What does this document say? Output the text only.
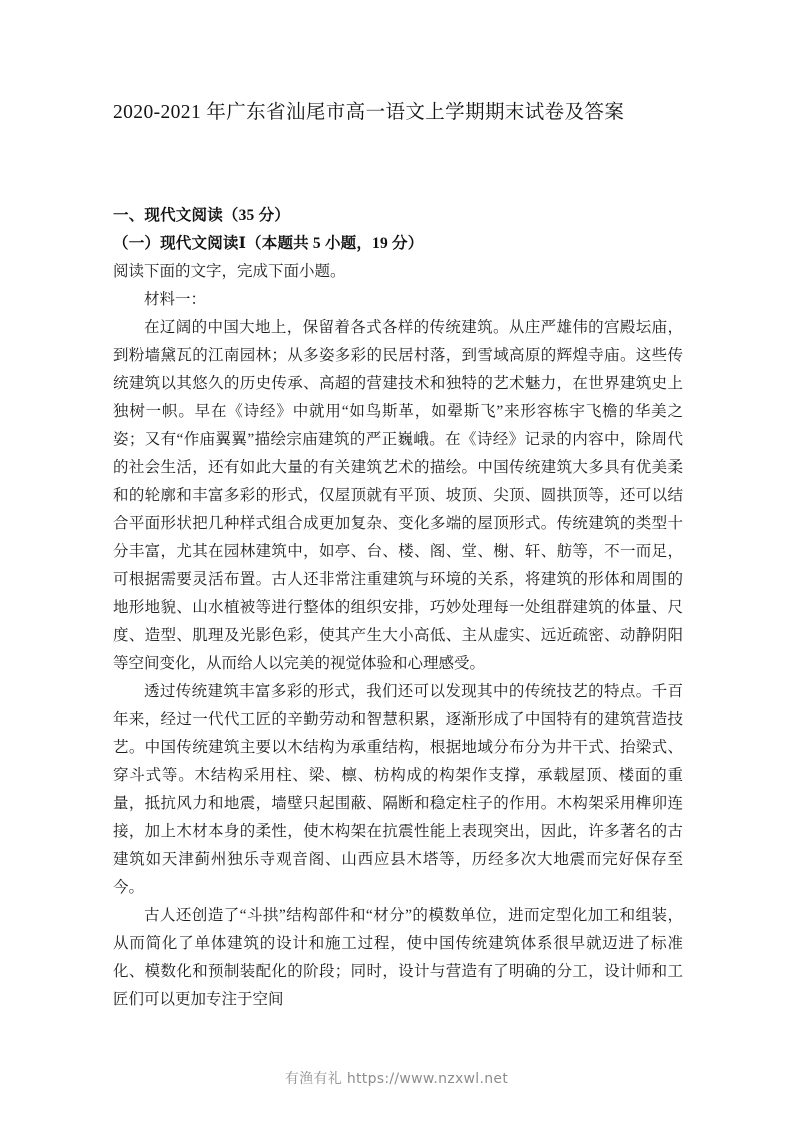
2020-2021 年广东省汕尾市高一语文上学期期末试卷及答案
一、现代文阅读（35 分）
（一）现代文阅读Ⅰ（本题共 5 小题，19 分）
阅读下面的文字，完成下面小题。
材料一：

在辽阔的中国大地上，保留着各式各样的传统建筑。从庄严雄伟的宫殿坛庙，到粉墙黛瓦的江南园林；从多姿多彩的民居村落，到雪域高原的辉煌寺庙。这些传统建筑以其悠久的历史传承、高超的营建技术和独特的艺术魅力，在世界建筑史上独树一帜。早在《诗经》中就用“如鸟斯革，如翚斯飞”来形容栋宇飞檐的华美之姿；又有“作庙翼翼”描绘宗庙建筑的严正巍峨。在《诗经》记录的内容中，除周代的社会生活，还有如此大量的有关建筑艺术的描绘。中国传统建筑大多具有优美柔和的轮廓和丰富多彩的形式，仅屋顶就有平顶、坡顶、尖顶、圆拱顶等，还可以结合平面形状把几种样式组合成更加复杂、变化多端的屋顶形式。传统建筑的类型十分丰富，尤其在园林建筑中，如亭、台、楼、阁、堂、榭、轩、舫等，不一而足，可根据需要灵活布置。古人还非常注重建筑与环境的关系，将建筑的形体和周围的地形地貌、山水植被等进行整体的组织安排，巧妙处理每一处组群建筑的体量、尺度、造型、肌理及光影色彩，使其产生大小高低、主从虚实、远近疏密、动静阴阳等空间变化，从而给人以完美的视觉体验和心理感受。

透过传统建筑丰富多彩的形式，我们还可以发现其中的传统技艺的特点。千百年来，经过一代代工匠的辛勤劳动和智慧积累，逐渐形成了中国特有的建筑营造技艺。中国传统建筑主要以木结构为承重结构，根据地域分布分为井干式、抬梁式、穿斗式等。木结构采用柱、梁、檩、枋构成的构架作支撑，承载屋顶、楼面的重量，抵抗风力和地震，墙壁只起围蔽、隔断和稳定柱子的作用。木构架采用榫卯连接，加上木材本身的柔性，使木构架在抗震性能上表现突出，因此，许多著名的古建筑如天津蓟州独乐寺观音阁、山西应县木塔等，历经多次大地震而完好保存至今。

古人还创造了“斗拱”结构部件和“材分”的模数单位，进而定型化加工和组装，从而简化了单体建筑的设计和施工过程，使中国传统建筑体系很早就迈进了标准化、模数化和预制装配化的阶段；同时，设计与营造有了明确的分工，设计师和工匠们可以更加专注于空间

有渔有礼 https://www.nzxwl.net
